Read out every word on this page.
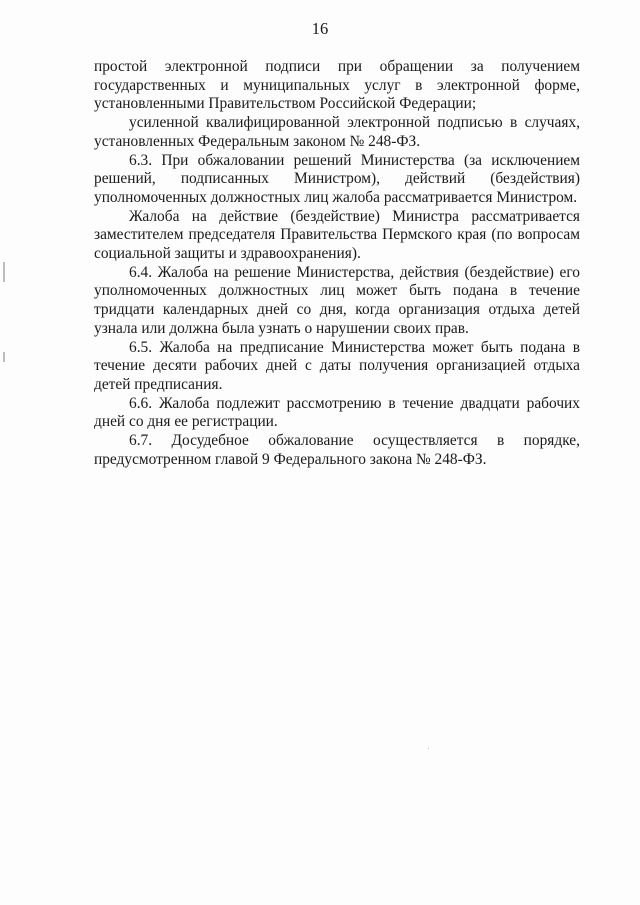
16

простой электронной подписи при обращении за получением государственных и муниципальных услуг в электронной форме, установленными Правительством Российской Федерации;

усиленной квалифицированной электронной подписью в случаях, установленных Федеральным законом № 248-ФЗ.

6.3. При обжаловании решений Министерства (за исключением решений, подписанных Министром), действий (бездействия) уполномоченных должностных лиц жалоба рассматривается Министром.

Жалоба на действие (бездействие) Министра рассматривается заместителем председателя Правительства Пермского края (по вопросам социальной защиты и здравоохранения).

6.4. Жалоба на решение Министерства, действия (бездействие) его уполномоченных должностных лиц может быть подана в течение тридцати календарных дней со дня, когда организация отдыха детей узнала или должна была узнать о нарушении своих прав.

6.5. Жалоба на предписание Министерства может быть подана в течение десяти рабочих дней с даты получения организацией отдыха детей предписания.

6.6. Жалоба подлежит рассмотрению в течение двадцати рабочих дней со дня ее регистрации.

6.7. Досудебное обжалование осуществляется в порядке, предусмотренном главой 9 Федерального закона № 248-ФЗ.
